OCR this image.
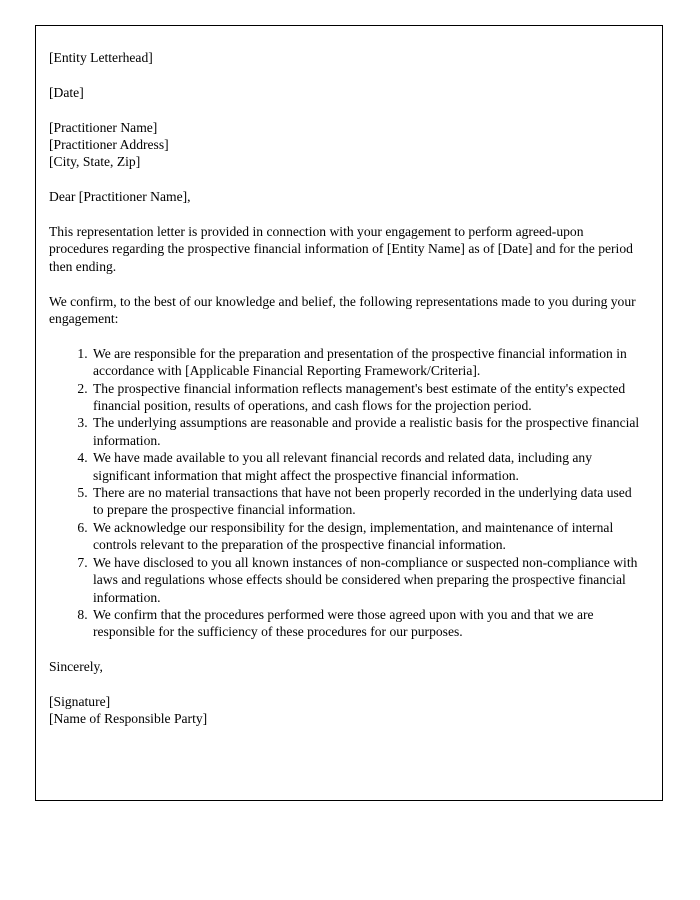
[Entity Letterhead]

[Date]

[Practitioner Name]
[Practitioner Address]
[City, State, Zip]

Dear [Practitioner Name],

This representation letter is provided in connection with your engagement to perform agreed-upon procedures regarding the prospective financial information of [Entity Name] as of [Date] and for the period then ending.

We confirm, to the best of our knowledge and belief, the following representations made to you during your engagement:

1. We are responsible for the preparation and presentation of the prospective financial information in accordance with [Applicable Financial Reporting Framework/Criteria].
2. The prospective financial information reflects management's best estimate of the entity's expected financial position, results of operations, and cash flows for the projection period.
3. The underlying assumptions are reasonable and provide a realistic basis for the prospective financial information.
4. We have made available to you all relevant financial records and related data, including any significant information that might affect the prospective financial information.
5. There are no material transactions that have not been properly recorded in the underlying data used to prepare the prospective financial information.
6. We acknowledge our responsibility for the design, implementation, and maintenance of internal controls relevant to the preparation of the prospective financial information.
7. We have disclosed to you all known instances of non-compliance or suspected non-compliance with laws and regulations whose effects should be considered when preparing the prospective financial information.
8. We confirm that the procedures performed were those agreed upon with you and that we are responsible for the sufficiency of these procedures for our purposes.

Sincerely,

[Signature]

[Name of Responsible Party]
